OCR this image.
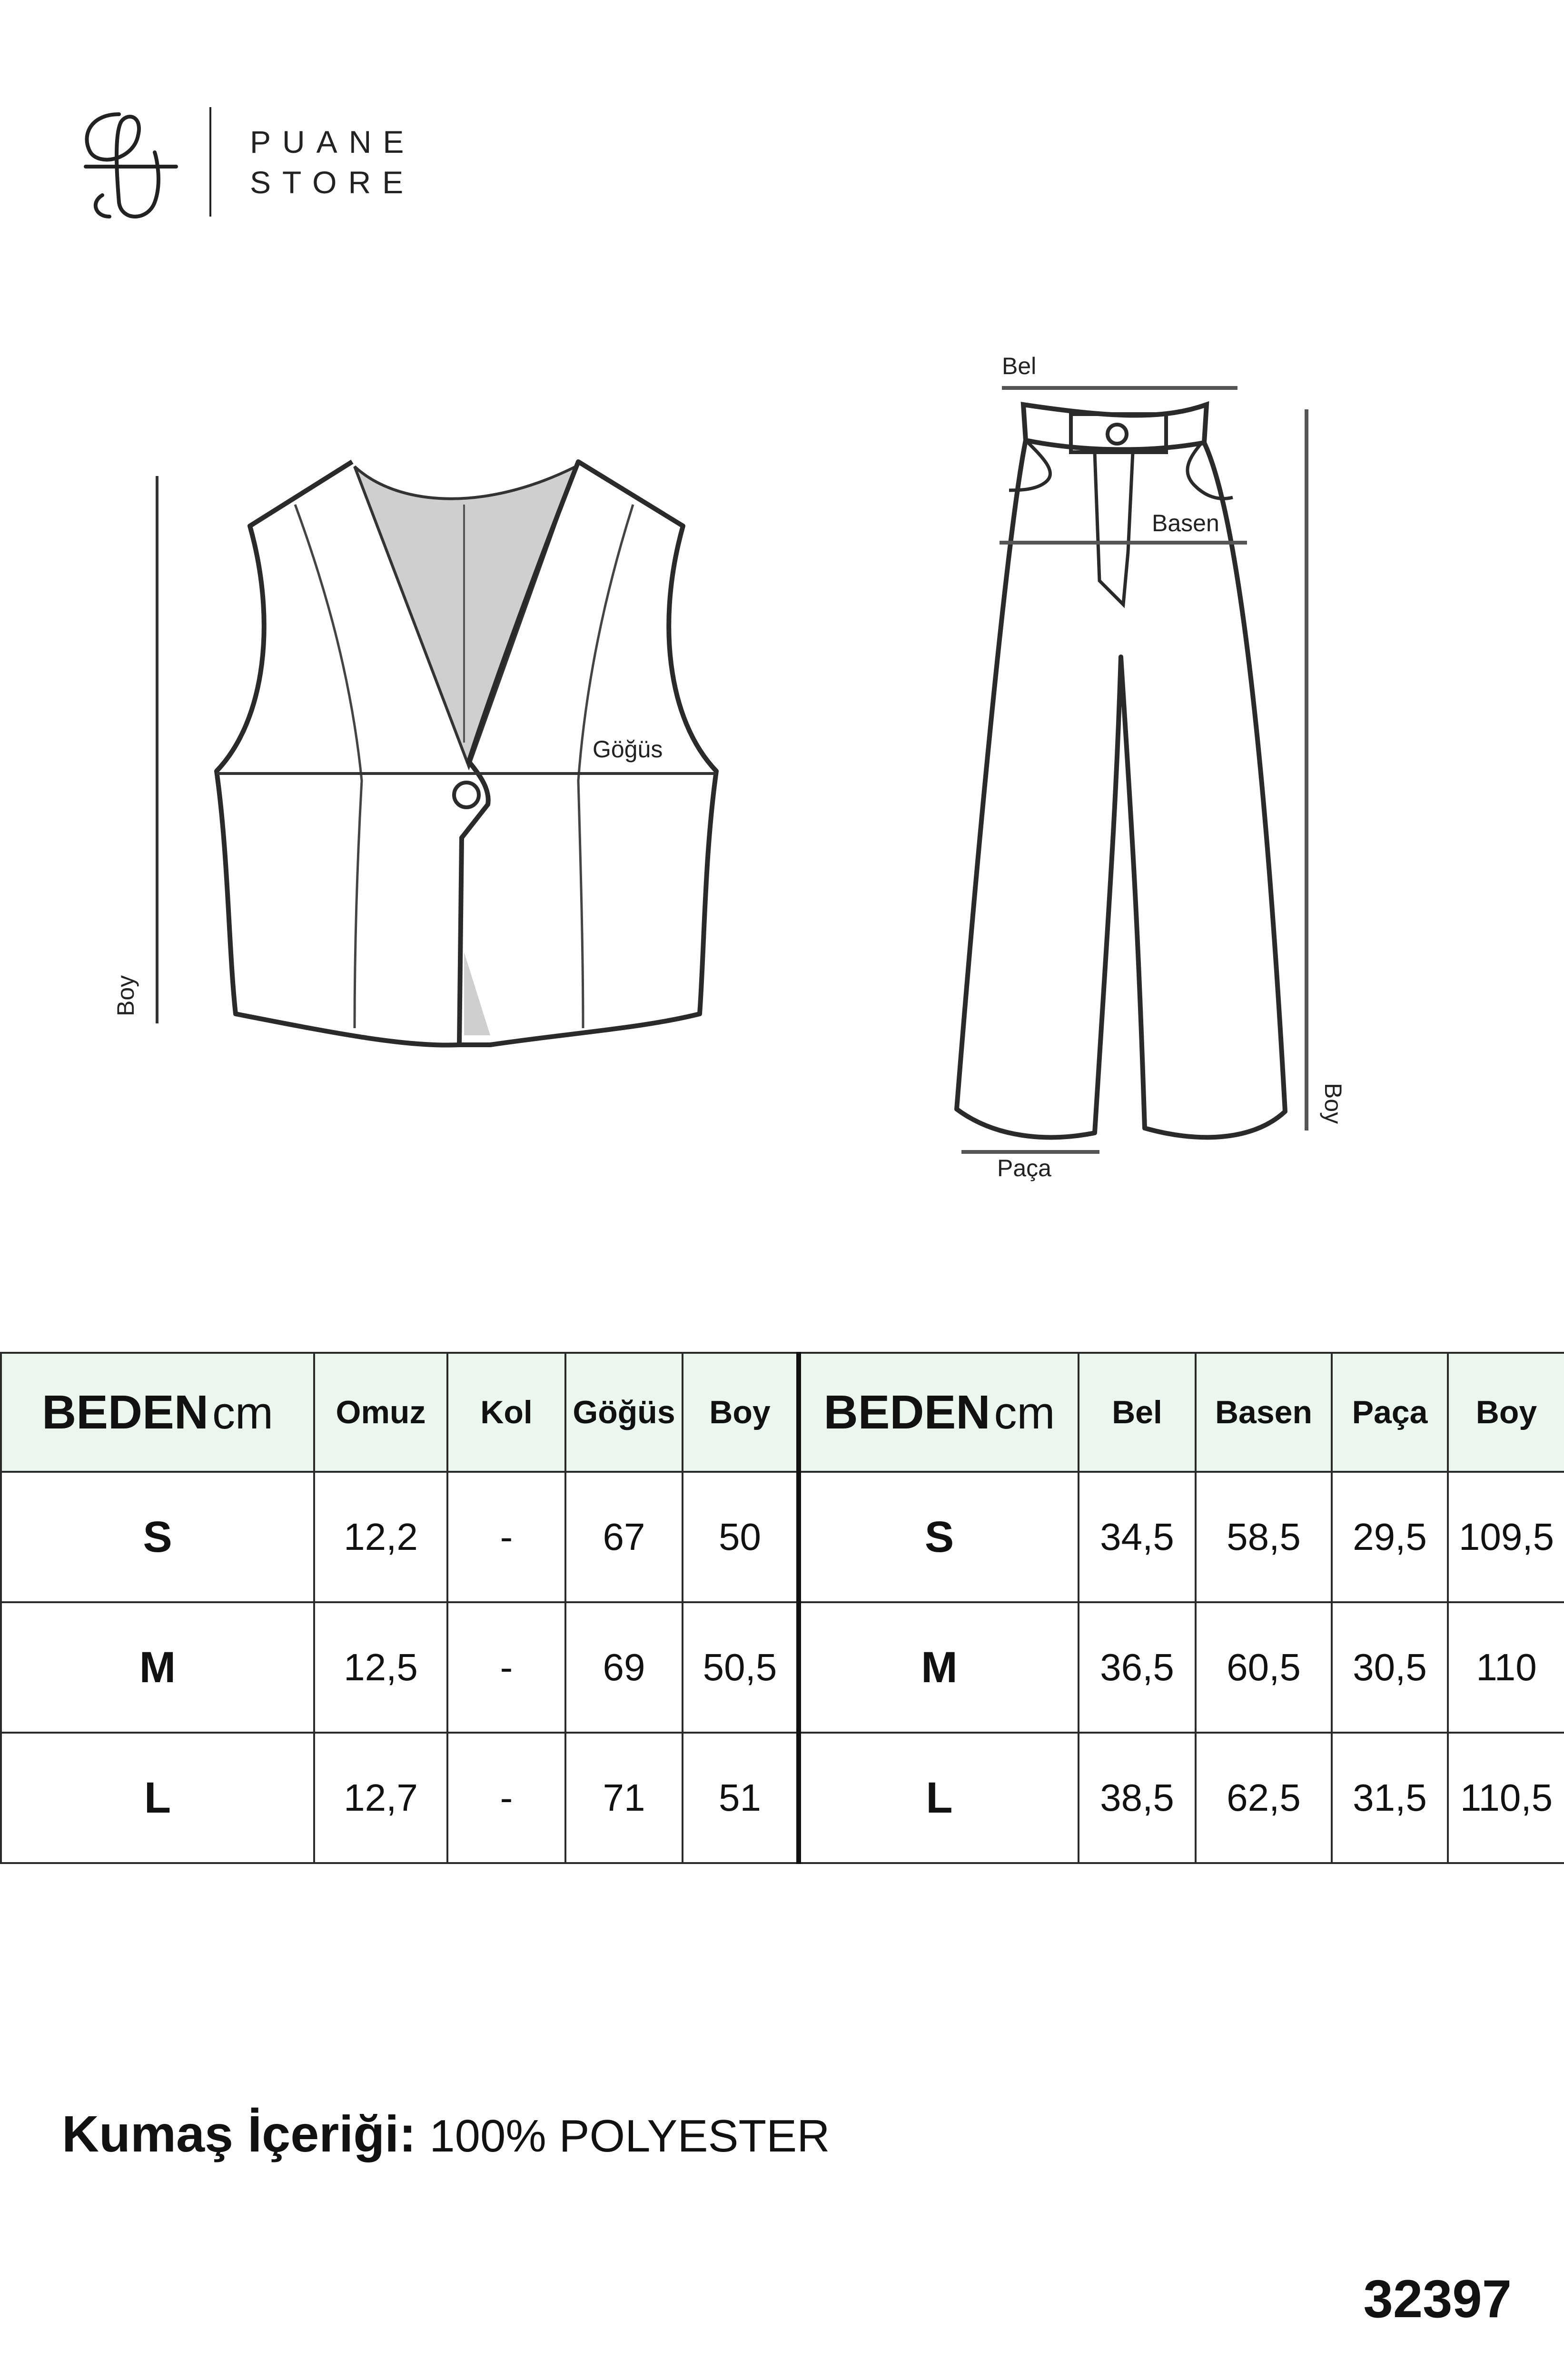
PUANE
STORE
Göğüs
Boy
Bel
Basen
Paça
Boy
BEDENcm	Omuz	Kol	Göğüs	Boy	BEDENcm	Bel	Basen	Paça	Boy
S	12,2	-	67	50	S	34,5	58,5	29,5	109,5
M	12,5	-	69	50,5	M	36,5	60,5	30,5	110
L	12,7	-	71	51	L	38,5	62,5	31,5	110,5
Kumaş İçeriği: 100% POLYESTER
32397
